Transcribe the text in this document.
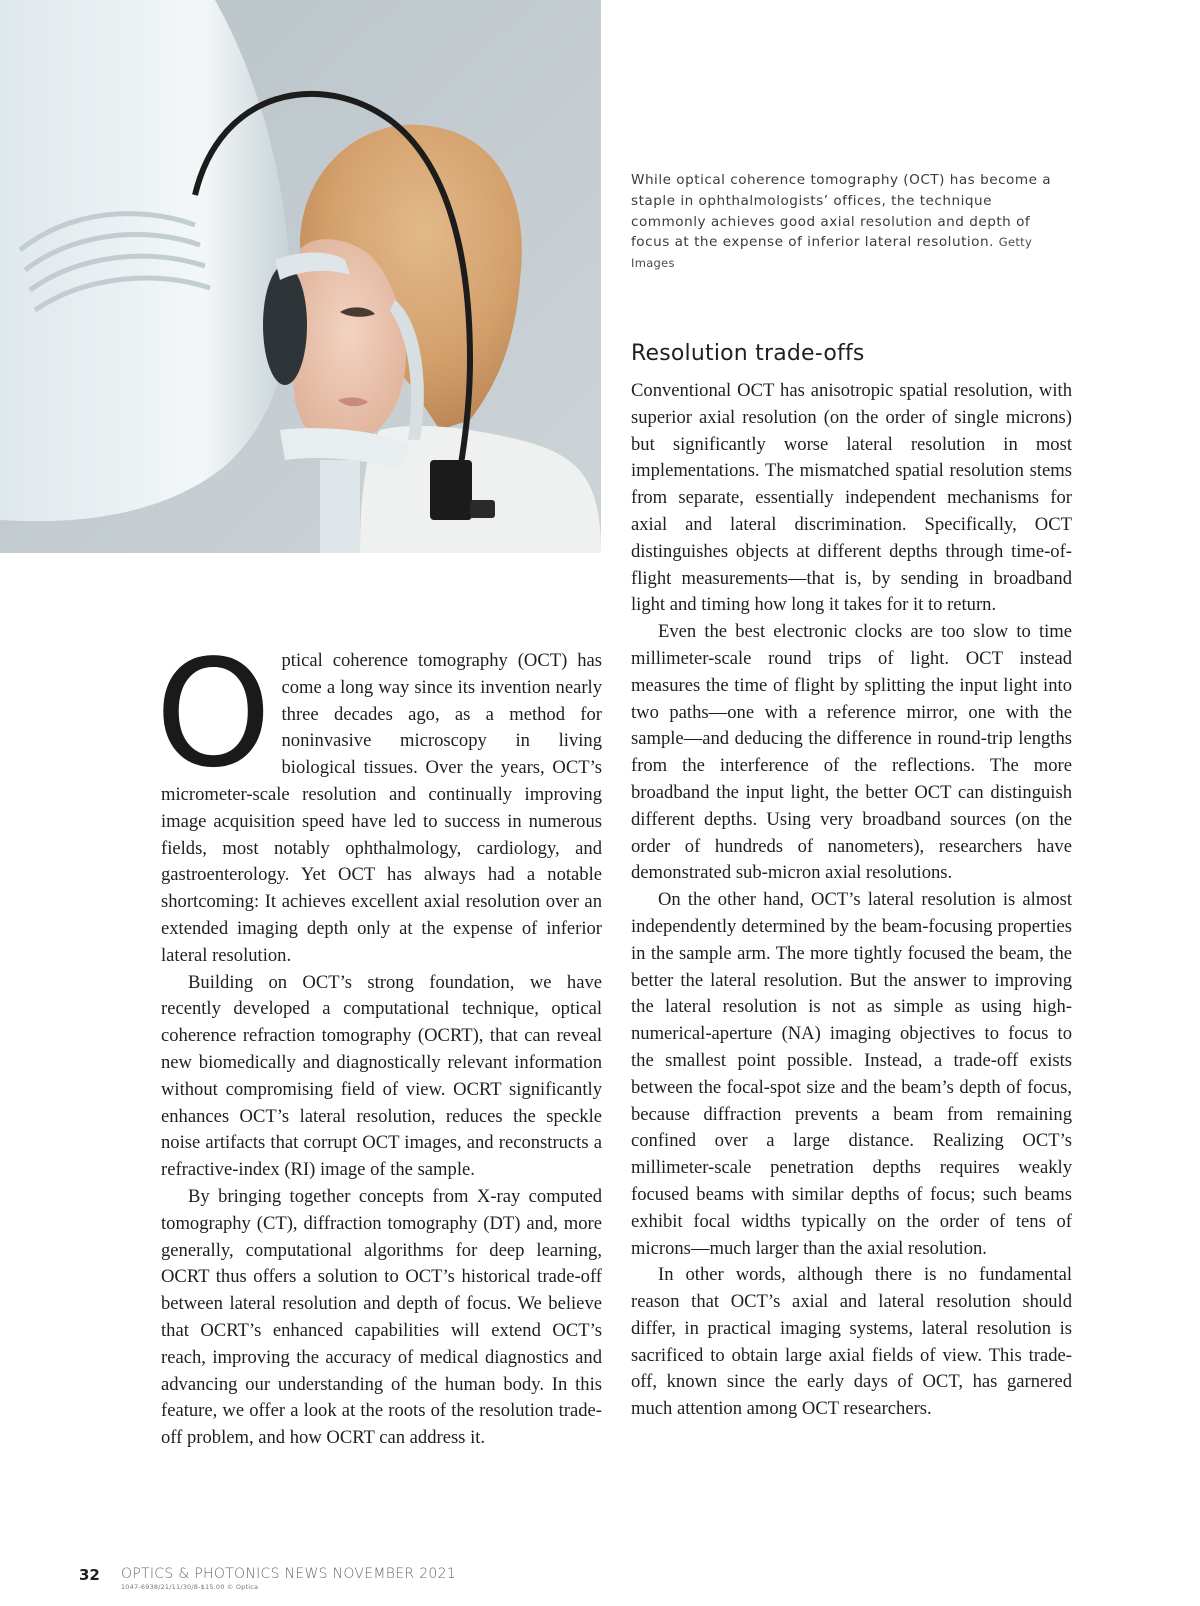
While optical coherence tomography (OCT) has become a staple in ophthalmologists’ offices, the technique commonly achieves good axial resolution and depth of focus at the expense of inferior lateral resolution. Getty Images
Resolution trade-offs

Optical coherence tomography (OCT) has come a long way since its invention nearly three decades ago, as a method for noninvasive microscopy in living biological tissues. Over the years, OCT’s micrometer-scale resolution and continually improving image acquisition speed have led to success in numerous fields, most notably ophthalmology, cardiology, and gastroenterology. Yet OCT has always had a notable shortcoming: It achieves excellent axial resolution over an extended imaging depth only at the expense of inferior lateral resolution.

Building on OCT’s strong foundation, we have recently developed a computational technique, optical coherence refraction tomography (OCRT), that can reveal new biomedically and diagnostically relevant information without compromising field of view. OCRT significantly enhances OCT’s lateral resolution, reduces the speckle noise artifacts that corrupt OCT images, and reconstructs a refractive-index (RI) image of the sample.

By bringing together concepts from X-ray computed tomography (CT), diffraction tomography (DT) and, more generally, computational algorithms for deep learning, OCRT thus offers a solution to OCT’s historical trade-off between lateral resolution and depth of focus. We believe that OCRT’s enhanced capabilities will extend OCT’s reach, improving the accuracy of medical diagnostics and advancing our understanding of the human body. In this feature, we offer a look at the roots of the resolution trade-off problem, and how OCRT can address it.

Conventional OCT has anisotropic spatial resolution, with superior axial resolution (on the order of single microns) but significantly worse lateral resolution in most implementations. The mismatched spatial resolution stems from separate, essentially independent mechanisms for axial and lateral discrimination. Specifically, OCT distinguishes objects at different depths through time-of-flight measurements—that is, by sending in broadband light and timing how long it takes for it to return.

Even the best electronic clocks are too slow to time millimeter-scale round trips of light. OCT instead measures the time of flight by splitting the input light into two paths—one with a reference mirror, one with the sample—and deducing the difference in round-trip lengths from the interference of the reflections. The more broadband the input light, the better OCT can distinguish different depths. Using very broadband sources (on the order of hundreds of nanometers), researchers have demonstrated sub-micron axial resolutions.

On the other hand, OCT’s lateral resolution is almost independently determined by the beam-focusing properties in the sample arm. The more tightly focused the beam, the better the lateral resolution. But the answer to improving the lateral resolution is not as simple as using high-numerical-aperture (NA) imaging objectives to focus to the smallest point possible. Instead, a trade-off exists between the focal-spot size and the beam’s depth of focus, because diffraction prevents a beam from remaining confined over a large distance. Realizing OCT’s millimeter-scale penetration depths requires weakly focused beams with similar depths of focus; such beams exhibit focal widths typically on the order of tens of microns—much larger than the axial resolution.

In other words, although there is no fundamental reason that OCT’s axial and lateral resolution should differ, in practical imaging systems, lateral resolution is sacrificed to obtain large axial fields of view. This trade-off, known since the early days of OCT, has garnered much attention among OCT researchers.

32 OPTICS & PHOTONICS NEWS NOVEMBER 2021
1047-6938/21/11/30/8-$15.00 © Optica
